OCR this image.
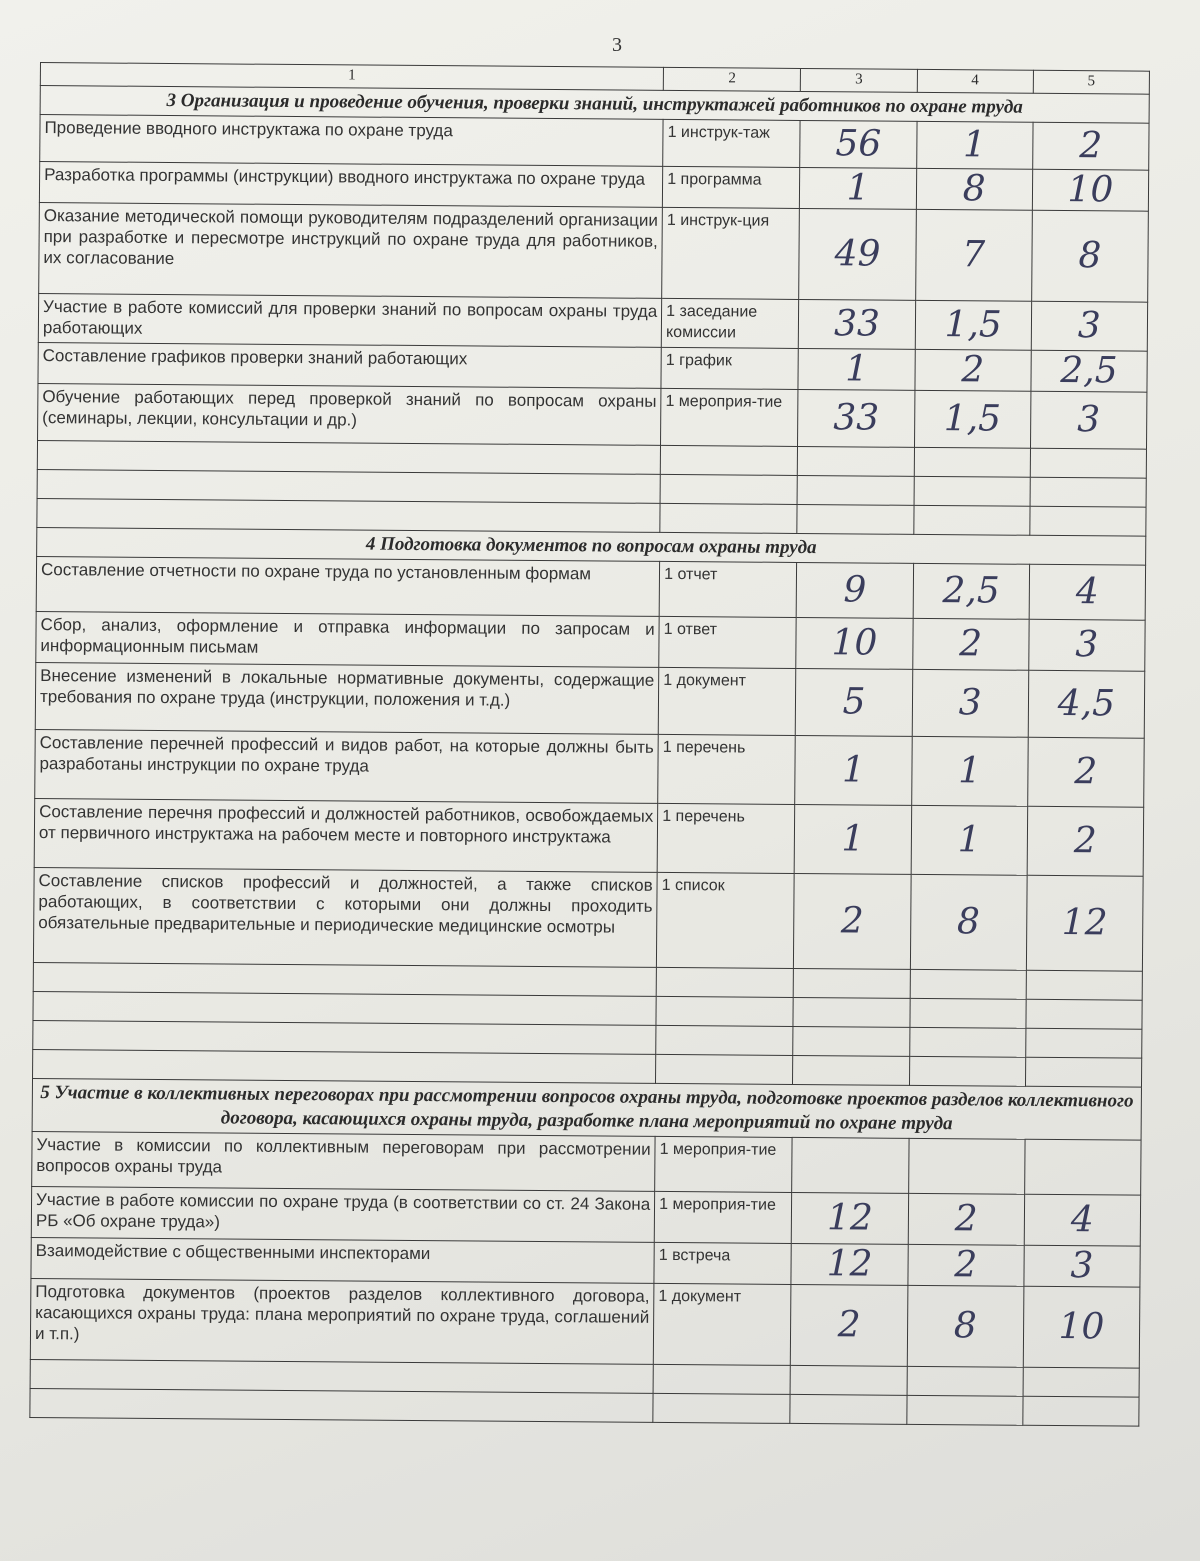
3
1	2	3	4	5
3 Организация и проведение обучения, проверки знаний, инструктажей работников по охране труда				
Проведение вводного инструктажа по охране труда	1 инструк-таж	56	1	2
Разработка программы (инструкции) вводного инструктажа по охране труда	1 программа	1	8	10
Оказание методической помощи руководителям подразделений организации при разработке и пересмотре инструкций по охране труда для работников, их согласование	1 инструк-ция	49	7	8
Участие в работе комиссий для проверки знаний по вопросам охраны труда работающих	1 заседание комиссии	33	1,5	3
Составление графиков проверки знаний работающих	1 график	1	2	2,5
Обучение работающих перед проверкой знаний по вопросам охраны (семинары, лекции, консультации и др.)	1 мероприя-тие	33	1,5	3

4 Подготовка документов по вопросам охраны труда				
Составление отчетности по охране труда по установленным формам	1 отчет	9	2,5	4
Сбор, анализ, оформление и отправка информации по запросам и информационным письмам	1 ответ	10	2	3
Внесение изменений в локальные нормативные документы, содержащие требования по охране труда (инструкции, положения и т.д.)	1 документ	5	3	4,5
Составление перечней профессий и видов работ, на которые должны быть разработаны инструкции по охране труда	1 перечень	1	1	2
Составление перечня профессий и должностей работников, освобождаемых от первичного инструктажа на рабочем месте и повторного инструктажа	1 перечень	1	1	2
Составление списков профессий и должностей, а также списков работающих, в соответствии с которыми они должны проходить обязательные предварительные и периодические медицинские осмотры	1 список	2	8	12

5 Участие в коллективных переговорах при рассмотрении вопросов охраны труда, подготовке проектов разделов коллективного договора, касающихся охраны труда, разработке плана мероприятий по охране труда				
Участие в комиссии по коллективным переговорам при рассмотрении вопросов охраны труда	1 мероприя-тие			
Участие в работе комиссии по охране труда (в соответствии со ст. 24 Закона РБ «Об охране труда»)	1 мероприя-тие	12	2	4
Взаимодействие с общественными инспекторами	1 встреча	12	2	3
Подготовка документов (проектов разделов коллективного договора, касающихся охраны труда: плана мероприятий по охране труда, соглашений и т.п.)	1 документ	2	8	10
